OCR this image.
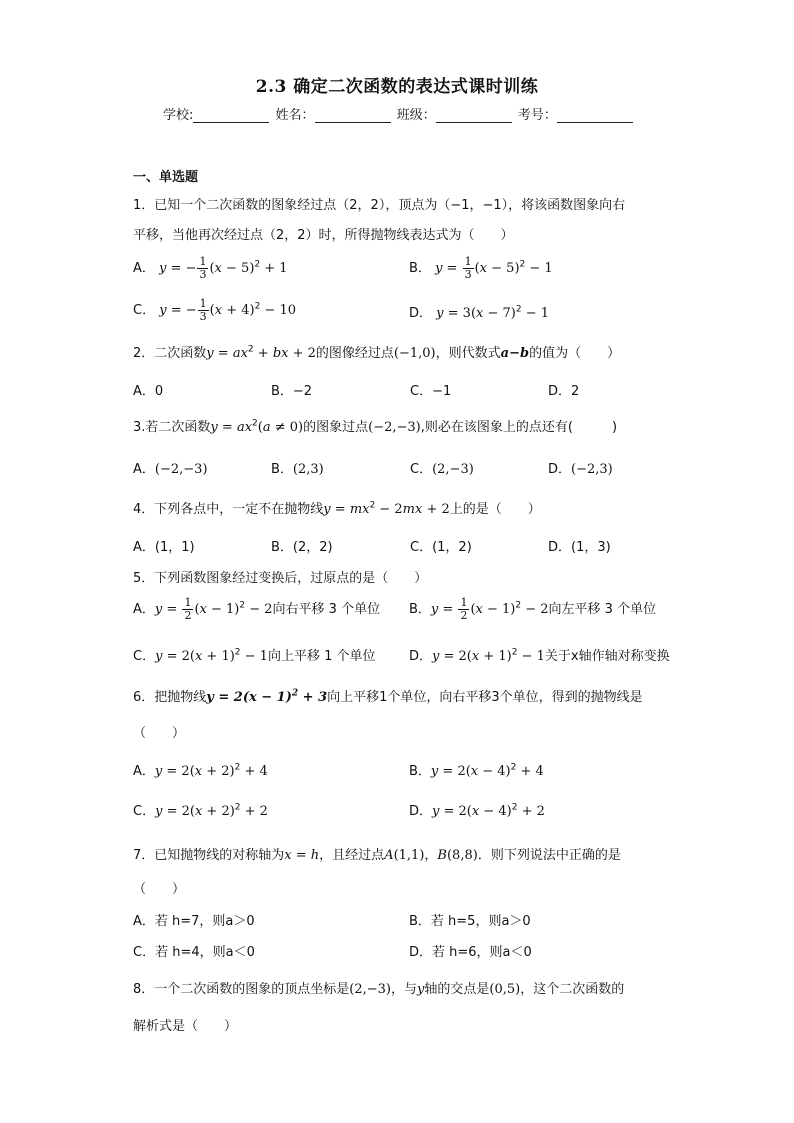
2.3 确定二次函数的表达式课时训练
学校:	姓名：	班级：	考号：
一、单选题
1．已知一个二次函数的图象经过点（2，2），顶点为（−1，−1），将该函数图象向右
平移，当他再次经过点（2，2）时，所得抛物线表达式为（　　）
A． y = − $\frac{1}{3} (x - 5)^2 + 1$	B． $y = \frac{1}{3} (x - 5)^2 - 1$
C． y = − $\frac{1}{3} (x + 4)^2 - 10$	D． $y = 3(x - 7)^2 - 1$
2．二次函数$y = ax^2$ + bx + 2的图像经过点(−1,0)，则代数式a−b的值为（　　）
A．0	B．−2	C．−1	D．2
3.若二次函数$y = ax^2(a \ne 0)$的图象过点(−2,−3),则必在该图象上的点还有(　　　)
A．(−2,−3)	B．(2,3)	C．(2,−3)	D．(−2,3)
4．下列各点中，一定不在抛物线$y = mx^2 - 2mx + 2$上的是（　　）
A．(1，1)	B．(2，2)	C．(1，2)	D．(1，3)
5．下列函数图象经过变换后，过原点的是（　　）
A．$y = \frac{1}{2} (x - 1)^2 - 2$向右平移 3 个单位 B．$y = \frac{1}{2} (x - 1)^2 - 2$向左平移 3 个单位
C．$y = 2(x + 1)^2 - 1$向上平移 1 个单位	D．$y = 2(x + 1)^2 - 1$关于x轴作轴对称变换
6．把抛物线$y = 2(x - 1)^2 + 3$向上平移1个单位，向右平移3个单位，得到的抛物线是
（　　）
A．$y = 2(x + 2)^2 + 4$	B．$y = 2(x - 4)^2 + 4$
C．$y = 2(x + 2)^2 + 2$	D．$y = 2(x - 4)^2 + 2$
7．已知抛物线的对称轴为x = h，且经过点A(1,1)，B(8,8)．则下列说法中正确的是
（　　）
A．若 h=7，则a＞0	B．若 h=5，则a＞0
C．若 h=4，则a＜0	D．若 h=6，则a＜0
8．一个二次函数的图象的顶点坐标是(2,−3)，与y轴的交点是(0,5)，这个二次函数的
解析式是（　　）
